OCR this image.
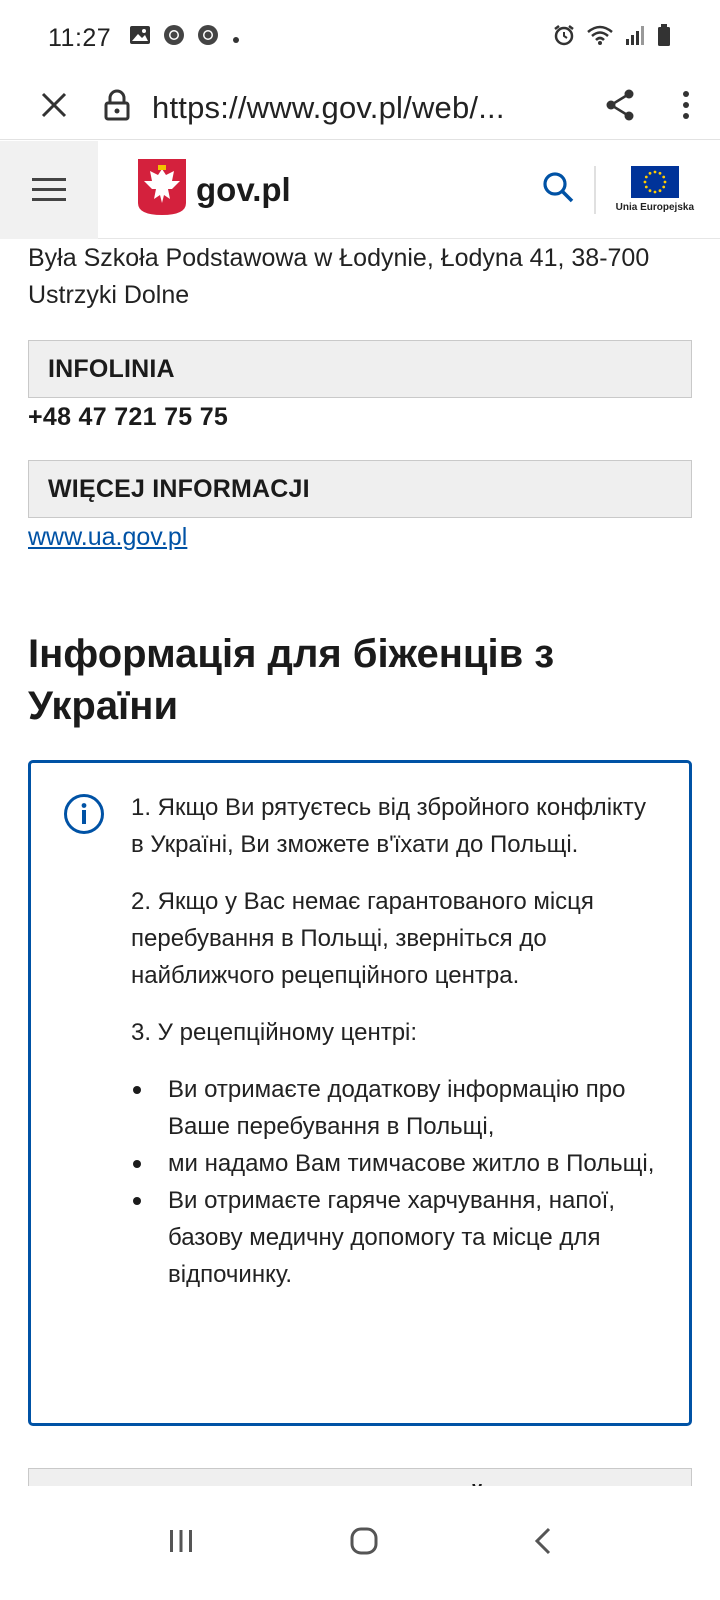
11:27
https://www.gov.pl/web/...
gov.pl	Unia Europejska
Była Szkoła Podstawowa w Łodynie, Łodyna 41, 38-700 Ustrzyki Dolne
INFOLINIA
+48 47 721 75 75
WIĘCEJ INFORMACJI
www.ua.gov.pl
Інформація для біженців з України

1. Якщо Ви рятуєтесь від збройного конфлікту в Україні, Ви зможете в'їхати до Польщі.

2. Якщо у Вас немає гарантованого місця перебування в Польщі, зверніться до найближчого рецепційного центра.

3. У рецепційному центрі:

Ви отримаєте додаткову інформацію про Ваше перебування в Польщі,
ми надамо Вам тимчасове житло в Польщі,
Ви отримаєте гаряче харчування, напої, базову медичну допомогу та місце для відпочинку.
